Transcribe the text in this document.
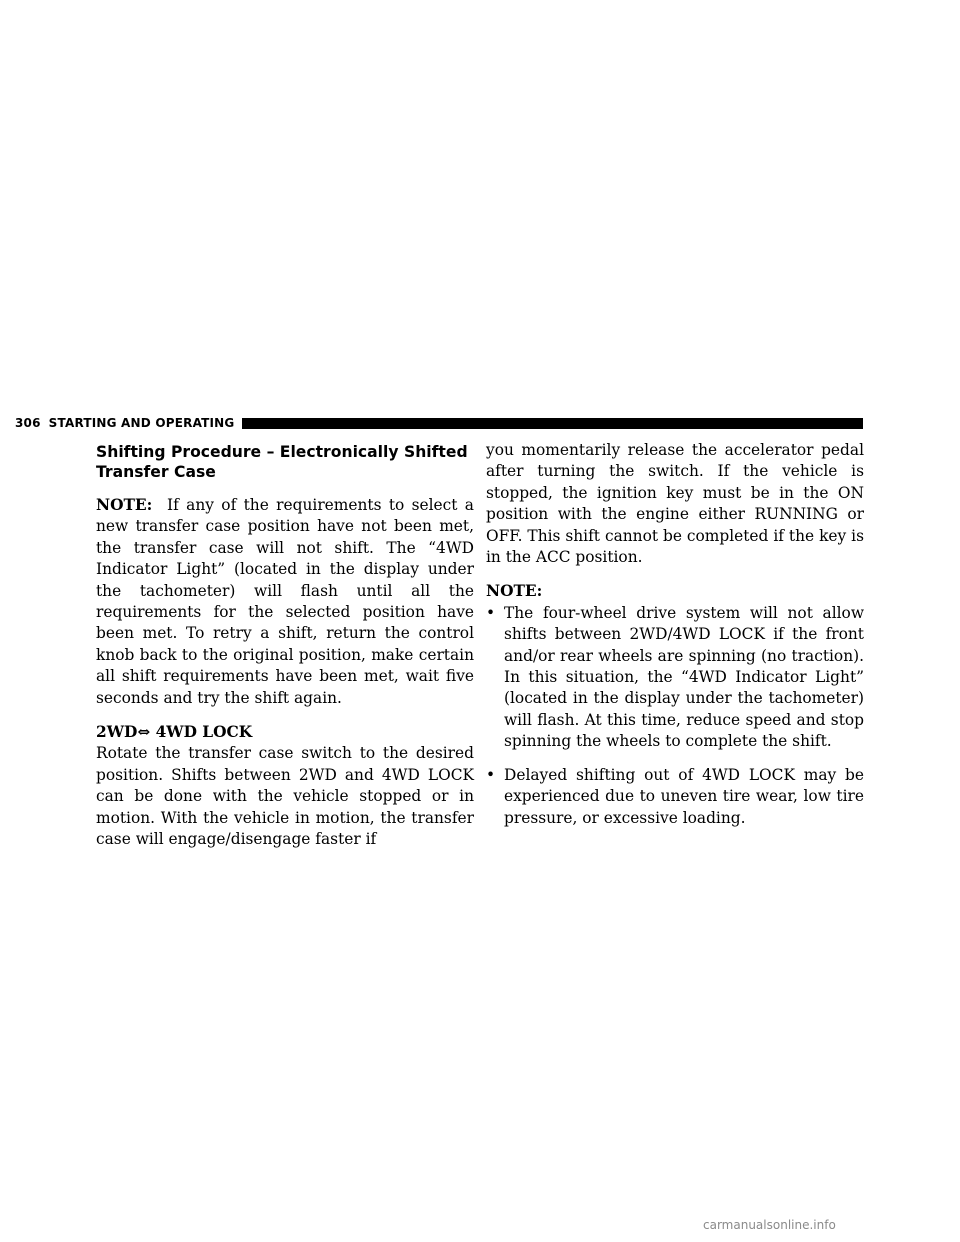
306 STARTING AND OPERATING
Shifting Procedure – Electronically Shifted
Transfer Case

NOTE: If any of the requirements to select a new transfer case position have not been met, the transfer case will not shift. The “4WD Indicator Light” (located in the display under the tachometer) will flash until all the requirements for the selected position have been met. To retry a shift, return the control knob back to the original position, make certain all shift requirements have been met, wait five seconds and try the shift again.

2WD⇔ 4WD LOCK

Rotate the transfer case switch to the desired position. Shifts between 2WD and 4WD LOCK can be done with the vehicle stopped or in motion. With the vehicle in motion, the transfer case will engage/disengage faster if

you momentarily release the accelerator pedal after turning the switch. If the vehicle is stopped, the ignition key must be in the ON position with the engine either RUNNING or OFF. This shift cannot be completed if the key is in the ACC position.

NOTE:

• The four-wheel drive system will not allow shifts between 2WD/4WD LOCK if the front and/or rear wheels are spinning (no traction). In this situation, the “4WD Indicator Light” (located in the display under the tachometer) will flash. At this time, reduce speed and stop spinning the wheels to complete the shift.
• Delayed shifting out of 4WD LOCK may be experienced due to uneven tire wear, low tire pressure, or excessive loading.
carmanualsonline.info
